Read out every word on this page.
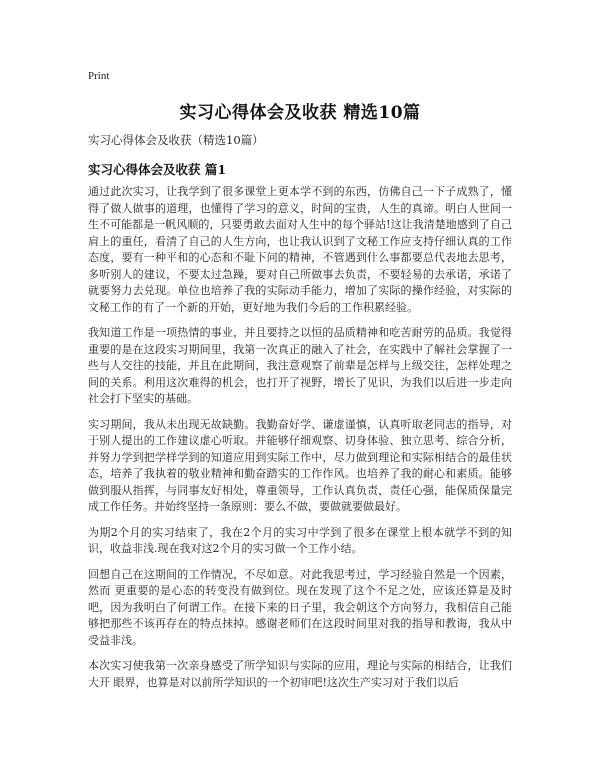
Print
实习心得体会及收获 精选10篇
实习心得体会及收获（精选10篇）
实习心得体会及收获 篇1

通过此次实习，让我学到了很多课堂上更本学不到的东西，仿佛自己一下子成熟了，懂得了做人做事的道理，也懂得了学习的意义，时间的宝贵，人生的真谛。明白人世间一生不可能都是一帆风顺的，只要勇敢去面对人生中的每个驿站!这让我清楚地感到了自己肩上的重任，看清了自己的人生方向，也让我认识到了文秘工作应支持仔细认真的工作态度，要有一种平和的心态和不耻下问的精神，不管遇到什么事都要总代表地去思考，多听别人的建议，不要太过急躁，要对自己所做事去负责，不要轻易的去承诺，承诺了就要努力去兑现。单位也培养了我的实际动手能力，增加了实际的操作经验，对实际的文秘工作的有了一个新的开始，更好地为我们今后的工作积累经验。

我知道工作是一项热情的事业，并且要持之以恒的品质精神和吃苦耐劳的品质。我觉得重要的是在这段实习期间里，我第一次真正的融入了社会，在实践中了解社会掌握了一些与人交往的技能，并且在此期间，我注意观察了前辈是怎样与上级交往，怎样处理之间的关系。利用这次难得的机会，也打开了视野，增长了见识，为我们以后进一步走向社会打下坚实的基础。

实习期间，我从未出现无故缺勤。我勤奋好学、谦虚谨慎，认真听取老同志的指导，对于别人提出的工作建议虚心听取。并能够仔细观察、切身体验、独立思考、综合分析，并努力学到把学样学到的知道应用到实际工作中，尽力做到理论和实际相结合的最佳状态，培养了我执着的敬业精神和勤奋踏实的工作作风。也培养了我的耐心和素质。能够做到服从指挥，与同事友好相处，尊重领导，工作认真负责，责任心强，能保质保量完成工作任务。并始终坚持一条原则：要么不做，要做就要做最好。

为期2个月的实习结束了，我在2个月的实习中学到了很多在课堂上根本就学不到的知识，收益非浅.现在我对这2个月的实习做一个工作小结。

回想自己在这期间的工作情况，不尽如意。对此我思考过，学习经验自然是一个因素，然而 更重要的是心态的转变没有做到位。现在发现了这个不足之处，应该还算是及时吧，因为我明白了何谓工作。在接下来的日子里，我会朝这个方向努力，我相信自己能够把那些不该再存在的特点抹掉。感谢老师们在这段时间里对我的指导和教诲，我从中受益非浅。

本次实习使我第一次亲身感受了所学知识与实际的应用，理论与实际的相结合，让我们大开 眼界，也算是对以前所学知识的一个初审吧!这次生产实习对于我们以后
